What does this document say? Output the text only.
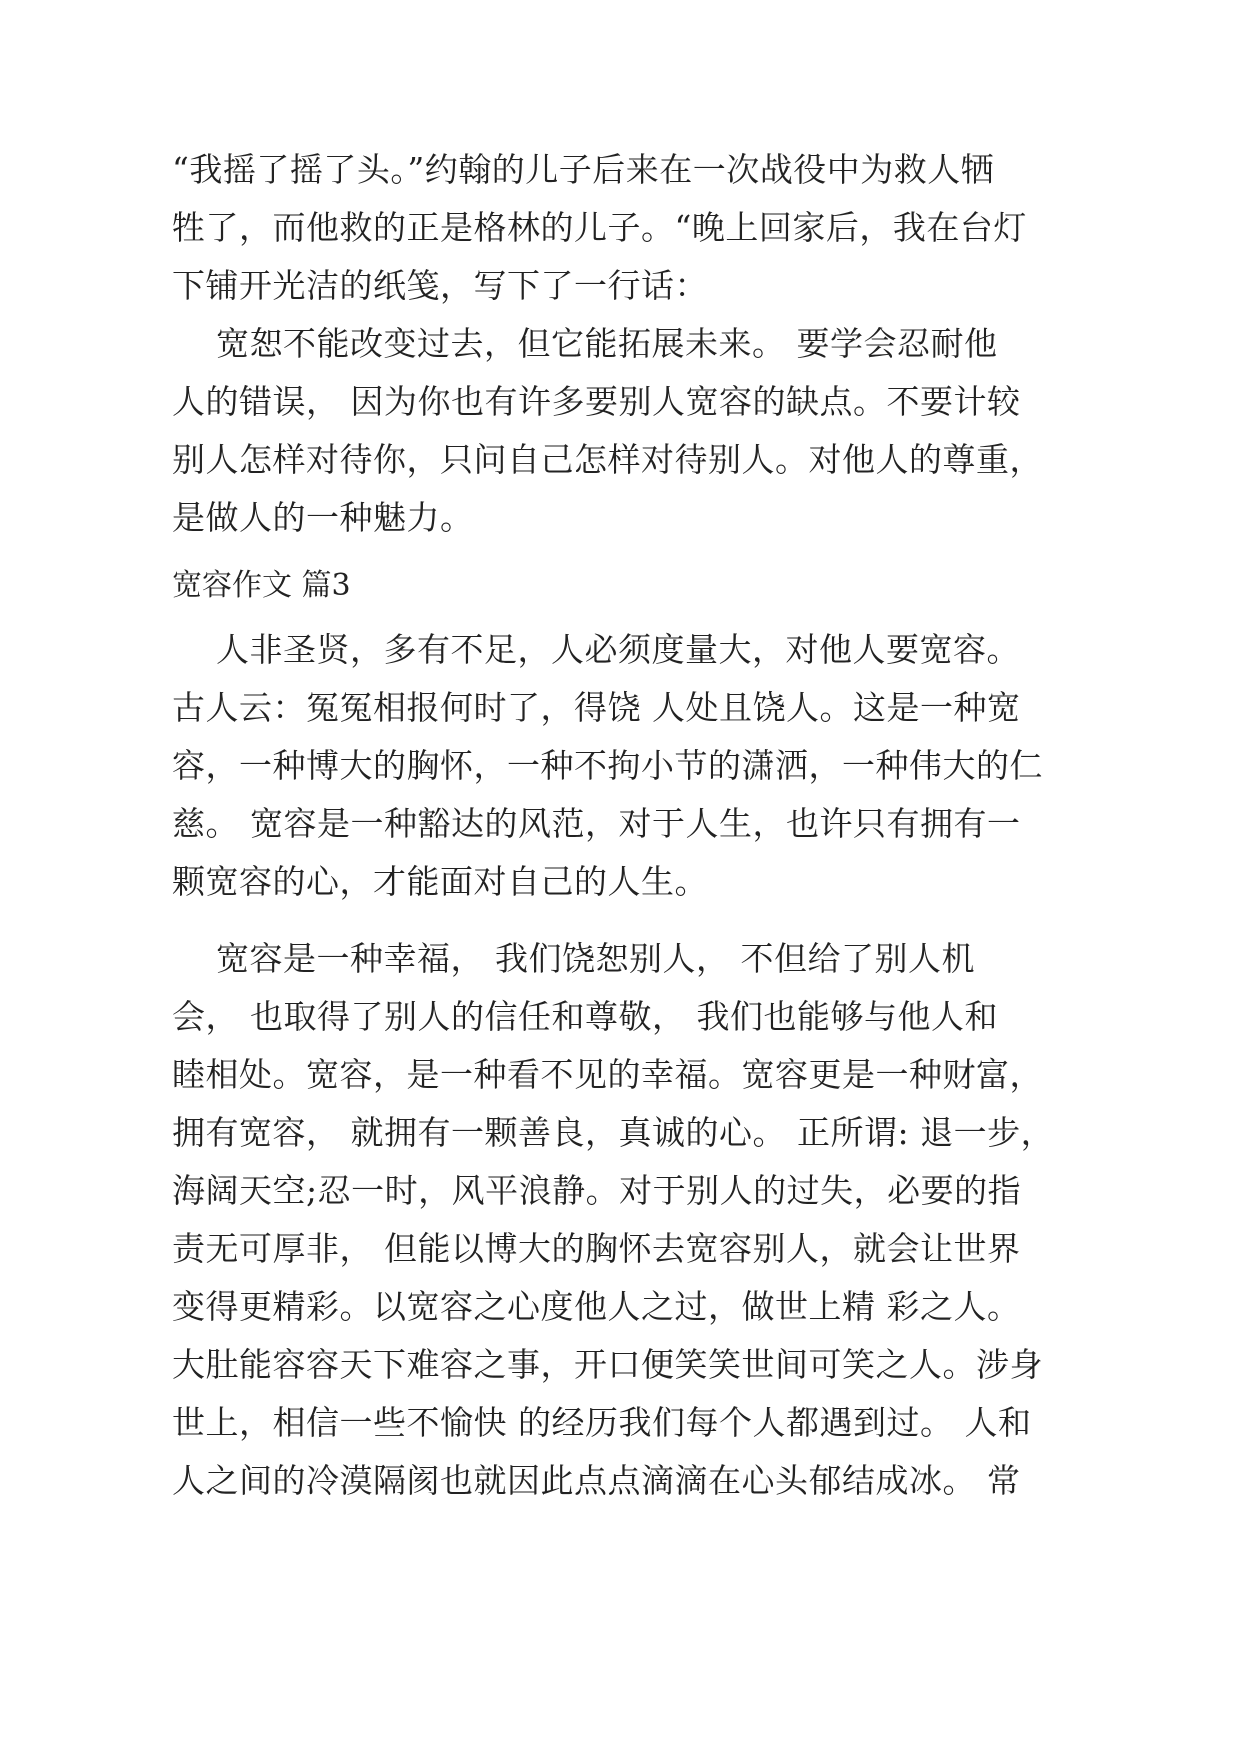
“我摇了摇了头。”约翰的儿子后来在一次战役中为救人牺

牲了，而他救的正是格林的儿子。“晚上回家后，我在台灯

下铺开光洁的纸笺，写下了一行话：

宽恕不能改变过去，但它能拓展未来。 要学会忍耐他

人的错误， 因为你也有许多要别人宽容的缺点。不要计较

别人怎样对待你，只问自己怎样对待别人。对他人的尊重，

是做人的一种魅力。

宽容作文 篇3

人非圣贤，多有不足，人必须度量大，对他人要宽容。

古人云：冤冤相报何时了，得饶 人处且饶人。这是一种宽

容，一种博大的胸怀，一种不拘小节的潇洒，一种伟大的仁

慈。 宽容是一种豁达的风范，对于人生，也许只有拥有一

颗宽容的心，才能面对自己的人生。

宽容是一种幸福， 我们饶恕别人， 不但给了别人机

会， 也取得了别人的信任和尊敬， 我们也能够与他人和

睦相处。宽容，是一种看不见的幸福。宽容更是一种财富，

拥有宽容， 就拥有一颗善良，真诚的心。 正所谓: 退一步，

海阔天空;忍一时，风平浪静。对于别人的过失，必要的指

责无可厚非， 但能以博大的胸怀去宽容别人，就会让世界

变得更精彩。以宽容之心度他人之过，做世上精 彩之人。

大肚能容容天下难容之事，开口便笑笑世间可笑之人。涉身

世上，相信一些不愉快 的经历我们每个人都遇到过。 人和

人之间的冷漠隔阂也就因此点点滴滴在心头郁结成冰。 常
